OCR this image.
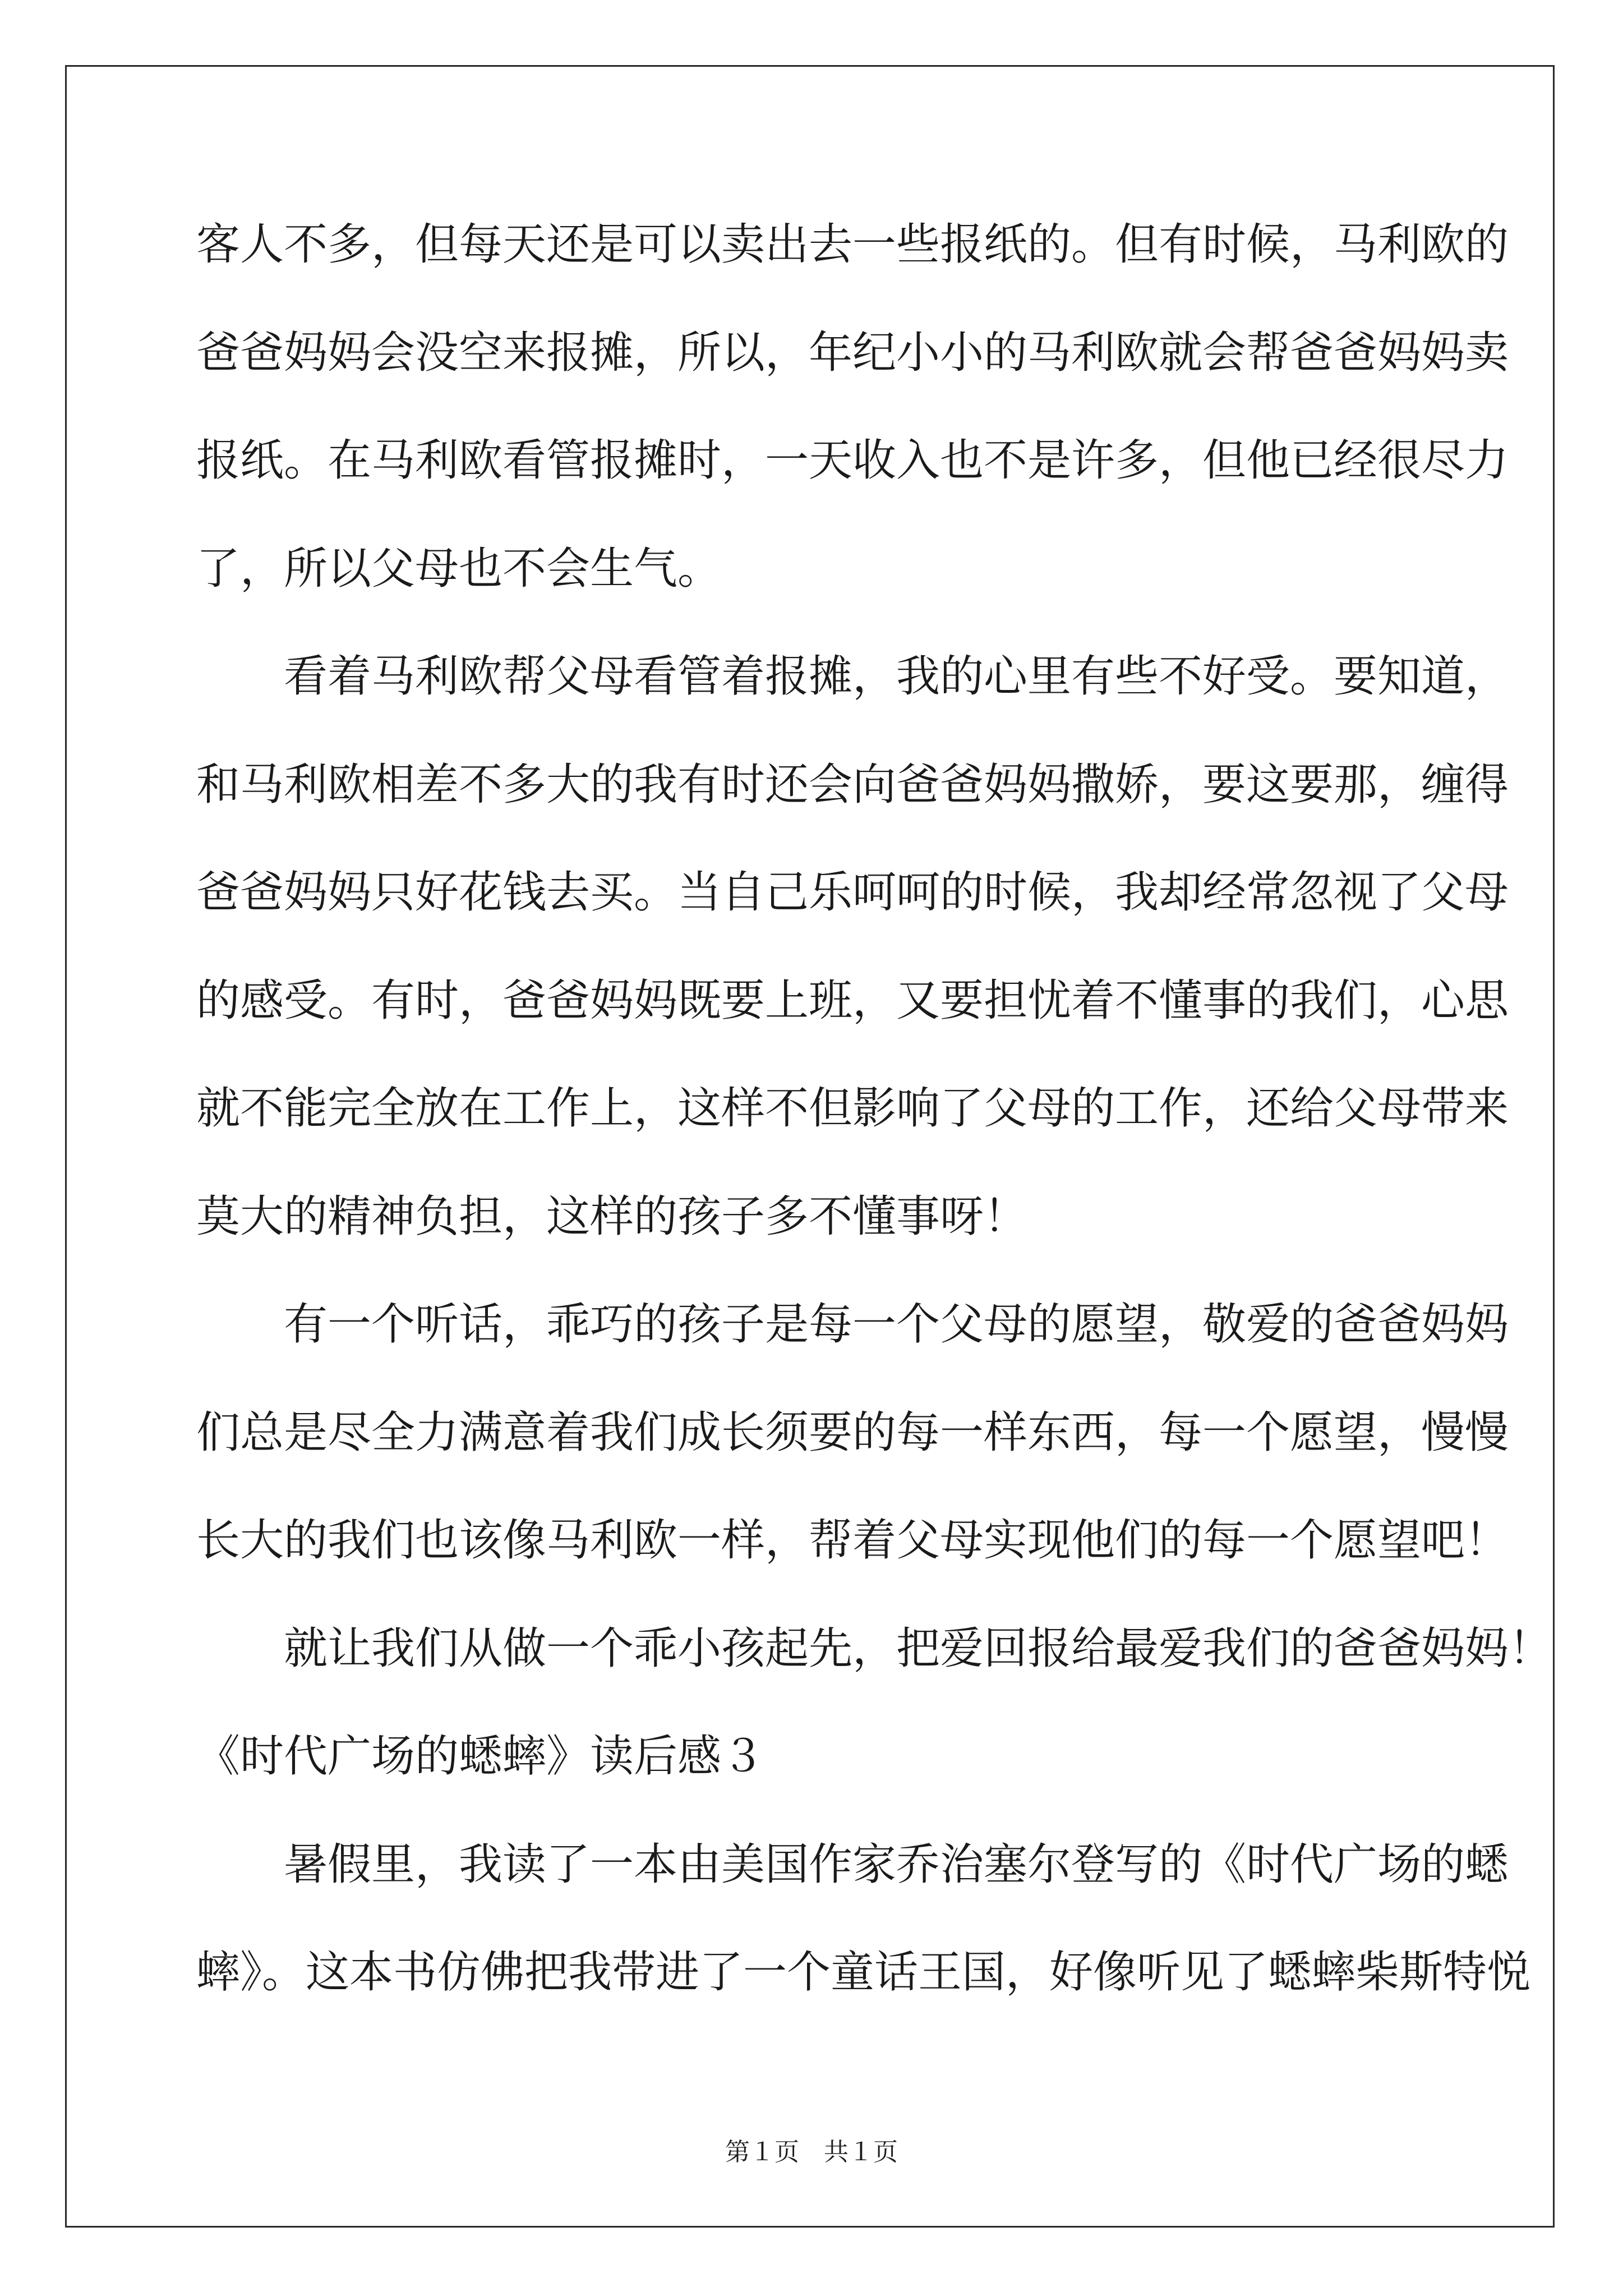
客人不多，但每天还是可以卖出去一些报纸的。但有时候，马利欧的
爸爸妈妈会没空来报摊，所以，年纪小小的马利欧就会帮爸爸妈妈卖
报纸。在马利欧看管报摊时，一天收入也不是许多，但他已经很尽力
了，所以父母也不会生气。
看着马利欧帮父母看管着报摊，我的心里有些不好受。要知道，
和马利欧相差不多大的我有时还会向爸爸妈妈撒娇，要这要那，缠得
爸爸妈妈只好花钱去买。当自己乐呵呵的时候，我却经常忽视了父母
的感受。有时，爸爸妈妈既要上班，又要担忧着不懂事的我们，心思
就不能完全放在工作上，这样不但影响了父母的工作，还给父母带来
莫大的精神负担，这样的孩子多不懂事呀！
有一个听话，乖巧的孩子是每一个父母的愿望，敬爱的爸爸妈妈
们总是尽全力满意着我们成长须要的每一样东西，每一个愿望，慢慢
长大的我们也该像马利欧一样，帮着父母实现他们的每一个愿望吧！
就让我们从做一个乖小孩起先，把爱回报给最爱我们的爸爸妈妈！
《时代广场的蟋蟀》读后感３
暑假里，我读了一本由美国作家乔治塞尔登写的《时代广场的蟋
蟀》。这本书仿佛把我带进了一个童话王国，好像听见了蟋蟀柴斯特悦
第１页　共１页
